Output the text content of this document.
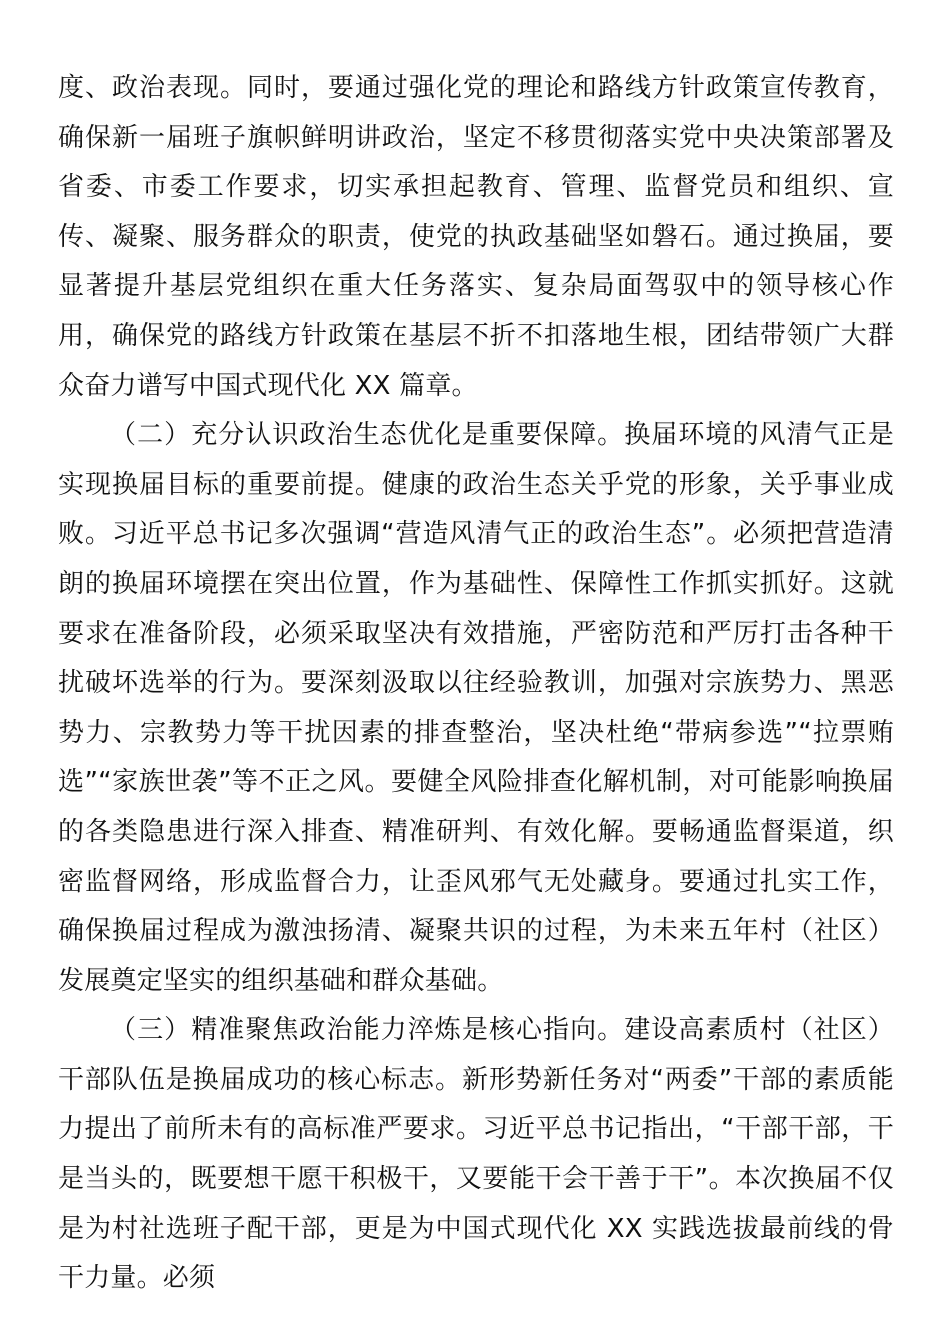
度、政治表现。同时，要通过强化党的理论和路线方针政策宣传教育，确保新一届班子旗帜鲜明讲政治，坚定不移贯彻落实党中央决策部署及省委、市委工作要求，切实承担起教育、管理、监督党员和组织、宣传、凝聚、服务群众的职责，使党的执政基础坚如磐石。通过换届，要显著提升基层党组织在重大任务落实、复杂局面驾驭中的领导核心作用，确保党的路线方针政策在基层不折不扣落地生根，团结带领广大群众奋力谱写中国式现代化 XX 篇章。

（二）充分认识政治生态优化是重要保障。换届环境的风清气正是实现换届目标的重要前提。健康的政治生态关乎党的形象，关乎事业成败。习近平总书记多次强调“营造风清气正的政治生态”。必须把营造清朗的换届环境摆在突出位置，作为基础性、保障性工作抓实抓好。这就要求在准备阶段，必须采取坚决有效措施，严密防范和严厉打击各种干扰破坏选举的行为。要深刻汲取以往经验教训，加强对宗族势力、黑恶势力、宗教势力等干扰因素的排查整治，坚决杜绝“带病参选”“拉票贿选”“家族世袭”等不正之风。要健全风险排查化解机制，对可能影响换届的各类隐患进行深入排查、精准研判、有效化解。要畅通监督渠道，织密监督网络，形成监督合力，让歪风邪气无处藏身。要通过扎实工作，确保换届过程成为激浊扬清、凝聚共识的过程，为未来五年村（社区）发展奠定坚实的组织基础和群众基础。

（三）精准聚焦政治能力淬炼是核心指向。建设高素质村（社区）干部队伍是换届成功的核心标志。新形势新任务对“两委”干部的素质能力提出了前所未有的高标准严要求。习近平总书记指出，“干部干部，干是当头的，既要想干愿干积极干，又要能干会干善于干”。本次换届不仅是为村社选班子配干部，更是为中国式现代化 XX 实践选拔最前线的骨干力量。必须
